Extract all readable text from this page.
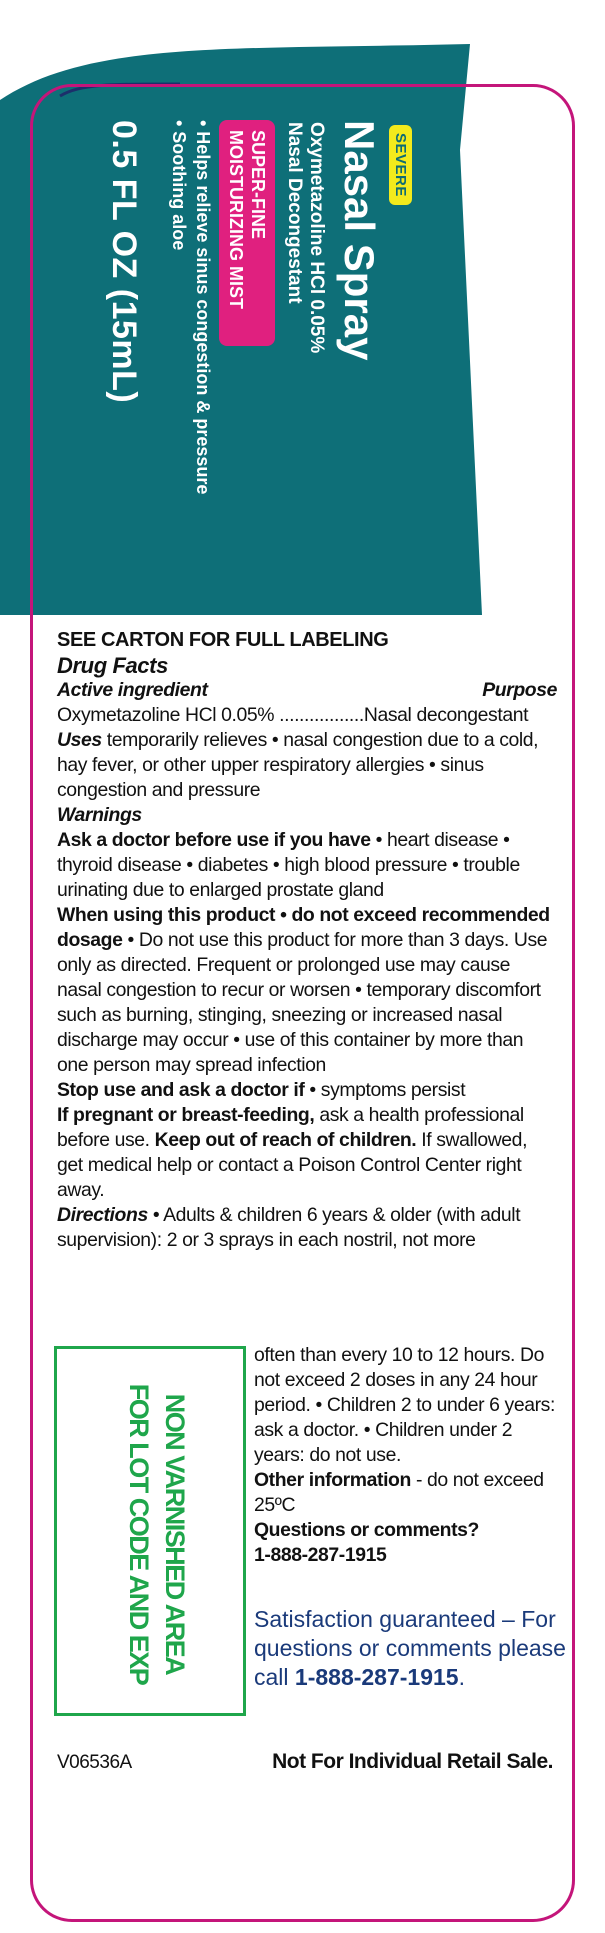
SEVERE
Nasal Spray
Oxymetazoline HCl 0.05%
Nasal Decongestant
SUPER-FINE
MOISTURIZING MIST
• Helps relieve sinus congestion & pressure
• Soothing aloe
0.5 FL OZ (15mL)

SEE CARTON FOR FULL LABELING

Drug Facts

Active ingredient	Purpose

Oxymetazoline HCl 0.05% .................Nasal decongestant

Uses temporarily relieves • nasal congestion due to a cold, hay fever, or other upper respiratory allergies • sinus congestion and pressure

Warnings

Ask a doctor before use if you have • heart disease • thyroid disease • diabetes • high blood pressure • trouble urinating due to enlarged prostate gland

When using this product • do not exceed recommended dosage • Do not use this product for more than 3 days. Use only as directed. Frequent or prolonged use may cause nasal congestion to recur or worsen • temporary discomfort such as burning, stinging, sneezing or increased nasal discharge may occur • use of this container by more than one person may spread infection

Stop use and ask a doctor if • symptoms persist

If pregnant or breast-feeding, ask a health professional before use. Keep out of reach of children. If swallowed, get medical help or contact a Poison Control Center right away.

Directions • Adults & children 6 years & older (with adult supervision): 2 or 3 sprays in each nostril, not more

NON VARNISHED AREA
FOR LOT CODE AND EXP

often than every 10 to 12 hours. Do not exceed 2 doses in any 24 hour period. • Children 2 to under 6 years: ask a doctor. • Children under 2 years: do not use.

Other information - do not exceed 25ºC

Questions or comments?

1-888-287-1915

Satisfaction guaranteed – For questions or comments please call 1-888-287-1915.
V06536A	Not For Individual Retail Sale.
